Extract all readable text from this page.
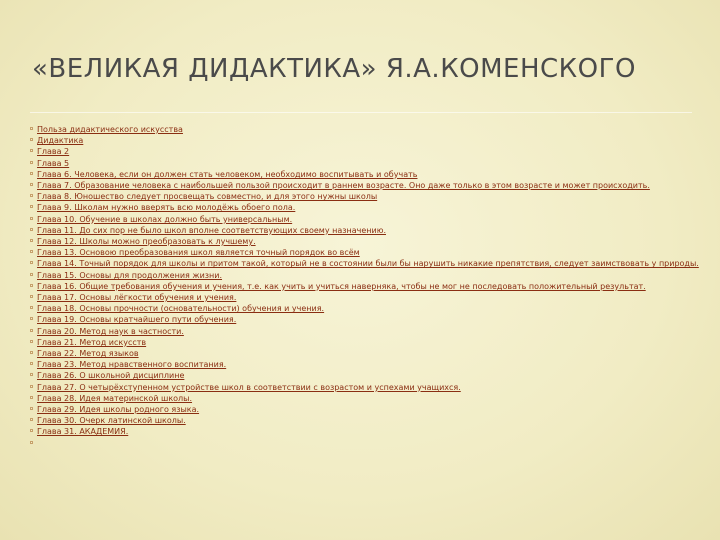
«ВЕЛИКАЯ ДИДАКТИКА» Я.А.КОМЕНСКОГО
Польза дидактического искусства
Дидактика
Глава 2
Глава 5
Глава 6. Человека, если он должен стать человеком, необходимо воспитывать и обучать
Глава 7. Образование человека с наибольшей пользой происходит в раннем возрасте. Оно даже только в этом возрасте и может происходить.
Глава 8. Юношество следует просвещать совместно, и для этого нужны школы
Глава 9. Школам нужно вверять всю молодёжь обоего пола.
Глава 10. Обучение в школах должно быть универсальным.
Глава 11. До сих пор не было школ вполне соответствующих своему назначению.
Глава 12. Школы можно преобразовать к лучшему.
Глава 13. Основою преобразования школ является точный порядок во всём
Глава 14. Точный порядок для школы и притом такой, который не в состоянии были бы нарушить никакие препятствия, следует заимствовать у природы.
Глава 15. Основы для продолжения жизни.
Глава 16. Общие требования обучения и учения, т.е. как учить и учиться наверняка, чтобы не мог не последовать положительный результат.
Глава 17. Основы лёгкости обучения и учения.
Глава 18. Основы прочности (основательности) обучения и учения.
Глава 19. Основы кратчайшего пути обучения.
Глава 20. Метод наук в частности.
Глава 21. Метод искусств
Глава 22. Метод языков
Глава 23. Метод нравственного воспитания.
Глава 26. О школьной дисциплине
Глава 27. О четырёхступенном устройстве школ в соответствии с возрастом и успехами учащихся.
Глава 28. Идея материнской школы.
Глава 29. Идея школы родного языка.
Глава 30. Очерк латинской школы.
Глава 31. АКАДЕМИЯ.
